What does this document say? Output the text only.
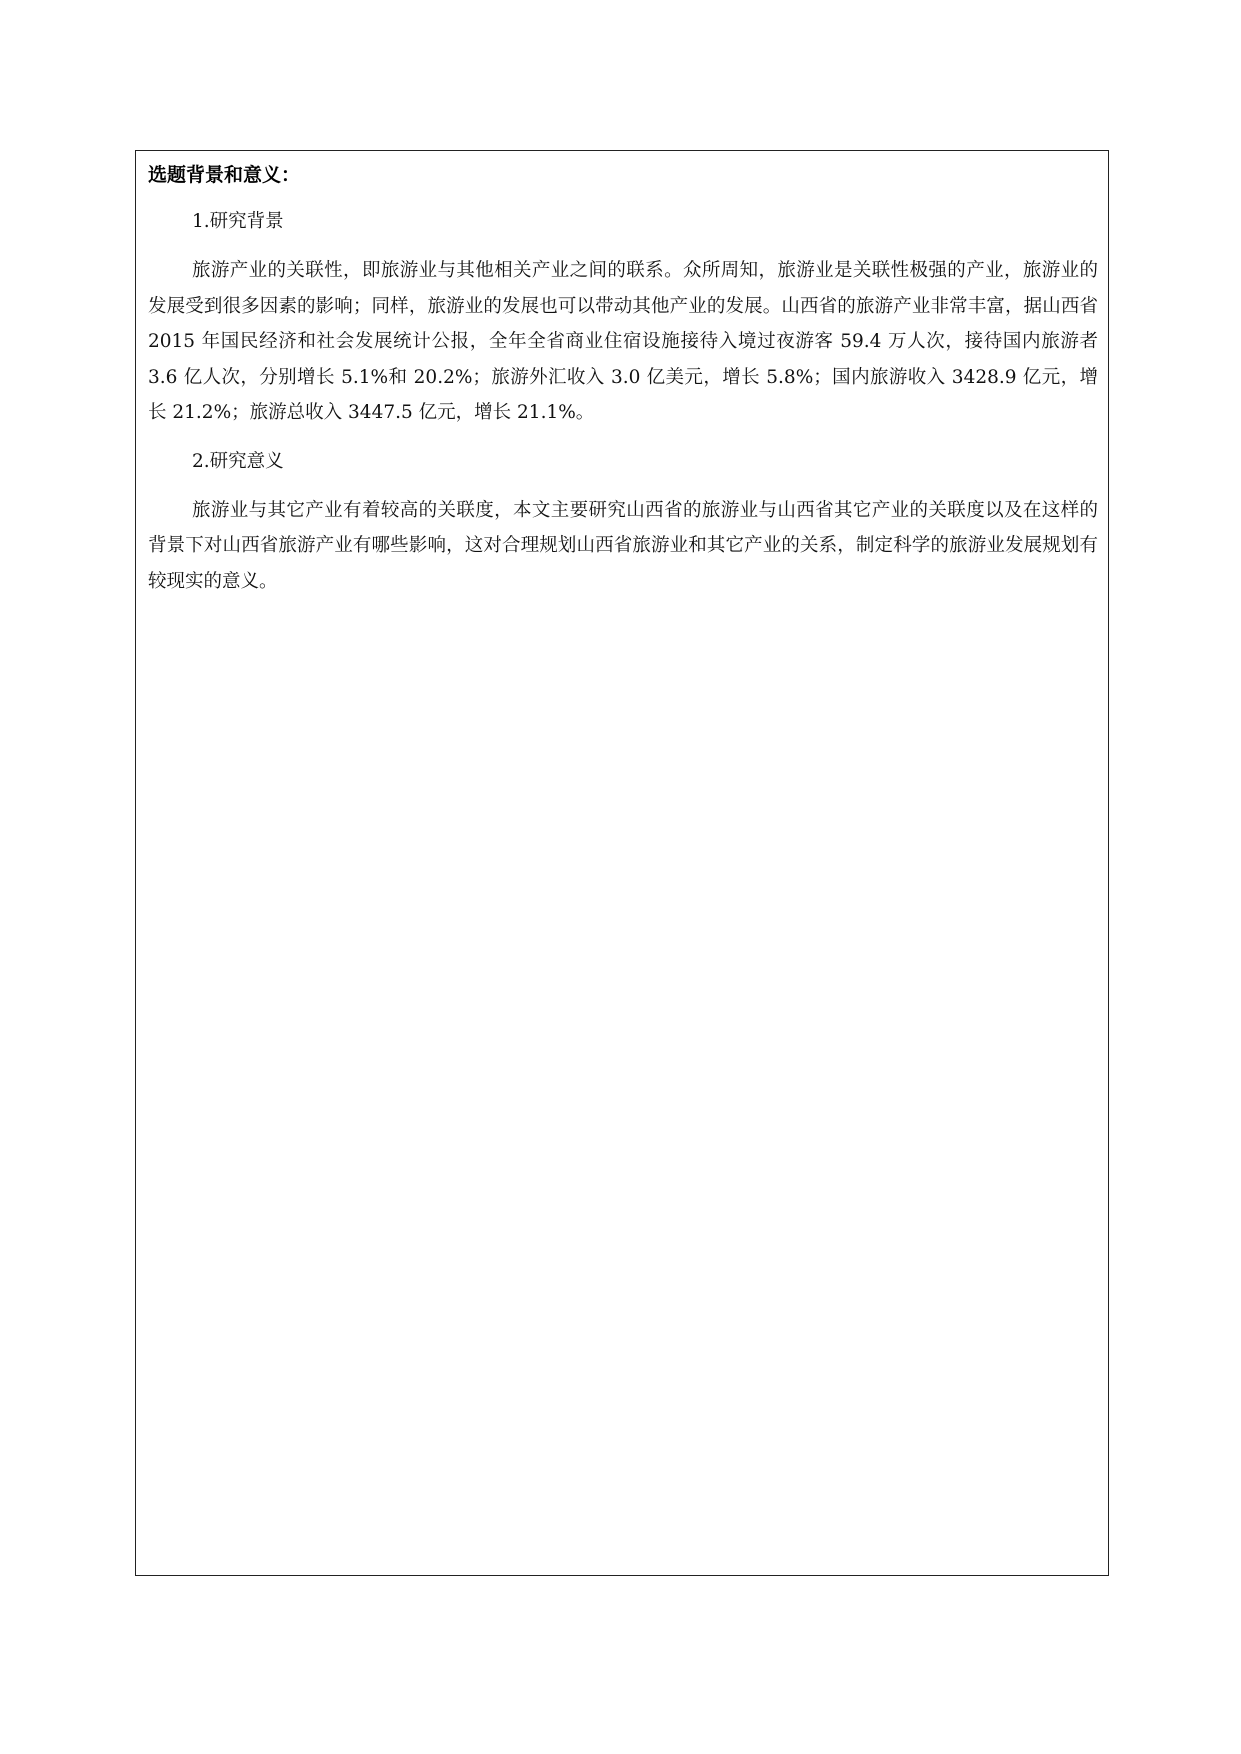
选题背景和意义：
1.研究背景

旅游产业的关联性，即旅游业与其他相关产业之间的联系。众所周知，旅游业是关联性极强的产业，旅游业的发展受到很多因素的影响；同样，旅游业的发展也可以带动其他产业的发展。山西省的旅游产业非常丰富，据山西省 2015 年国民经济和社会发展统计公报，全年全省商业住宿设施接待入境过夜游客 59.4 万人次，接待国内旅游者 3.6 亿人次，分别增长 5.1%和 20.2%；旅游外汇收入 3.0 亿美元，增长 5.8%；国内旅游收入 3428.9 亿元，增长 21.2%；旅游总收入 3447.5 亿元，增长 21.1%。

2.研究意义

旅游业与其它产业有着较高的关联度，本文主要研究山西省的旅游业与山西省其它产业的关联度以及在这样的背景下对山西省旅游产业有哪些影响，这对合理规划山西省旅游业和其它产业的关系，制定科学的旅游业发展规划有较现实的意义。
